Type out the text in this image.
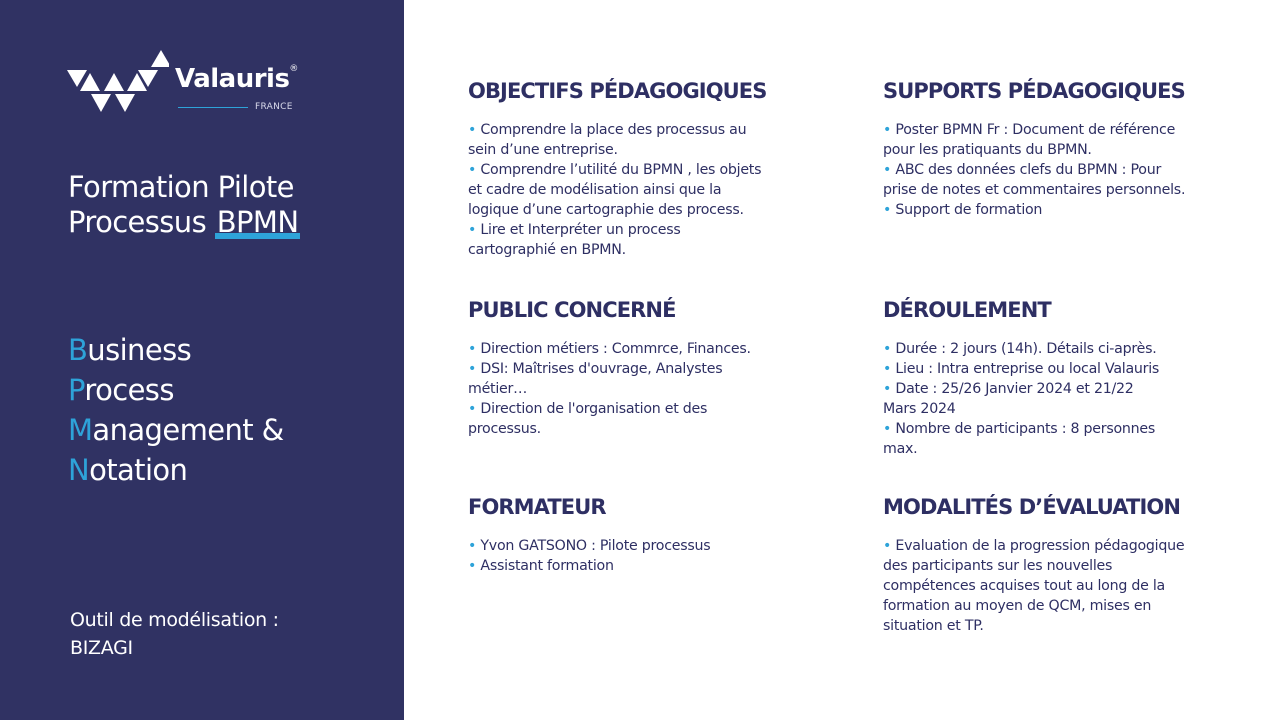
Valauris®
FRANCE
Formation Pilote
Processus BPMN
Business
Process
Management &
Notation
Outil de modélisation :
BIZAGI
OBJECTIFS PÉDAGOGIQUES
• Comprendre la place des processus au
sein d’une entreprise.
• Comprendre l’utilité du BPMN , les objets
et cadre de modélisation ainsi que la
logique d’une cartographie des process.
• Lire et Interpréter un process
cartographié en BPMN.
SUPPORTS PÉDAGOGIQUES
• Poster BPMN Fr : Document de référence
pour les pratiquants du BPMN.
• ABC des données clefs du BPMN : Pour
prise de notes et commentaires personnels.
• Support de formation
PUBLIC CONCERNÉ
• Direction métiers : Commrce, Finances.
• DSI: Maîtrises d'ouvrage, Analystes
métier…
• Direction de l'organisation et des
processus.
DÉROULEMENT
• Durée : 2 jours (14h). Détails ci-après.
• Lieu : Intra entreprise ou local Valauris
• Date : 25/26 Janvier 2024 et 21/22
Mars 2024
• Nombre de participants : 8 personnes
max.
FORMATEUR
• Yvon GATSONO : Pilote processus
• Assistant formation
MODALITÉS D’ÉVALUATION
• Evaluation de la progression pédagogique
des participants sur les nouvelles
compétences acquises tout au long de la
formation au moyen de QCM, mises en
situation et TP.
